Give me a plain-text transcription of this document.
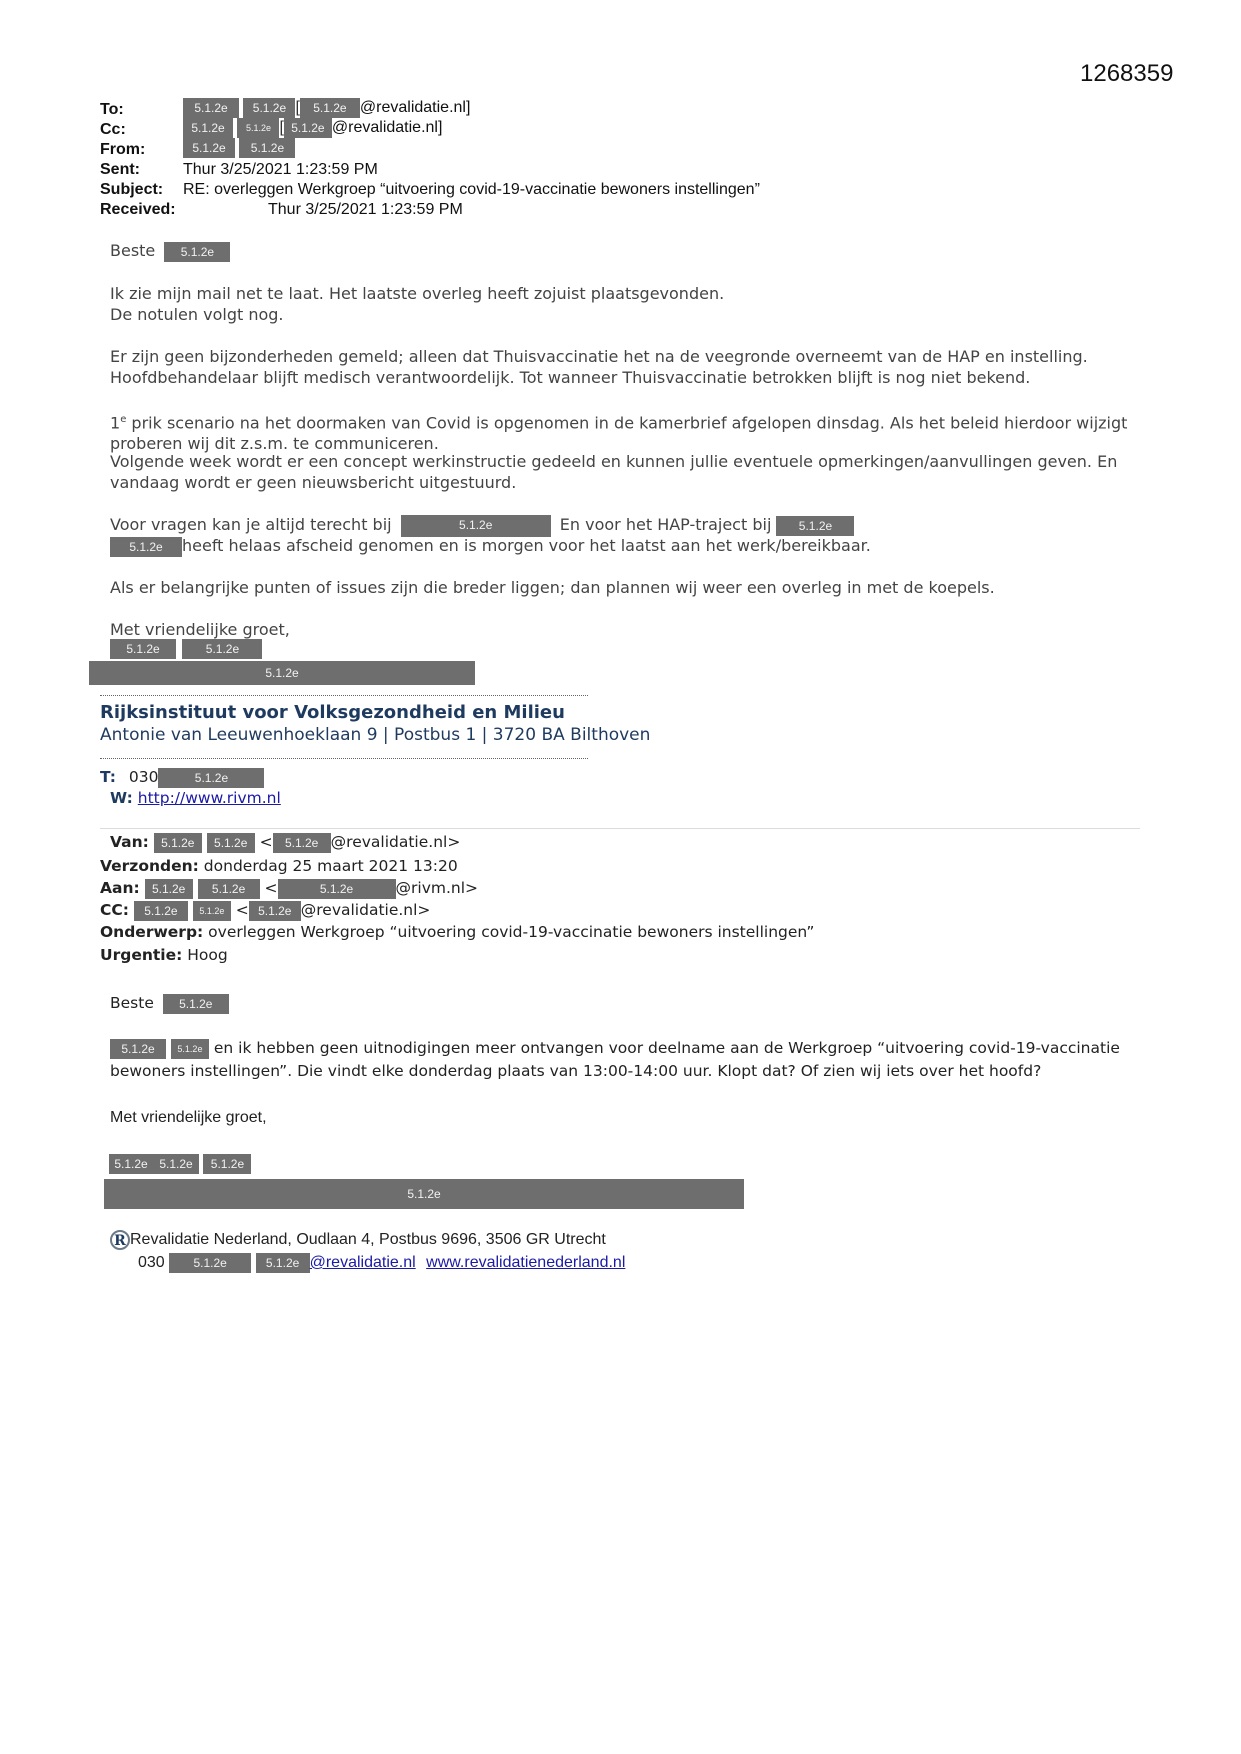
1268359
To:	5.1.2e 5.1.2e [ 5.1.2e @revalidatie.nl]
Cc:	5.1.2e 5.1.2e [ 5.1.2e @revalidatie.nl]
From:	5.1.2e 5.1.2e
Sent:	Thur 3/25/2021 1:23:59 PM
Subject: RE: overleggen Werkgroep “uitvoering covid-19-vaccinatie bewoners instellingen”
Received:	Thur 3/25/2021 1:23:59 PM
Beste 5.1.2e
Ik zie mijn mail net te laat. Het laatste overleg heeft zojuist plaatsgevonden.
De notulen volgt nog.
Er zijn geen bijzonderheden gemeld; alleen dat Thuisvaccinatie het na de veegronde overneemt van de HAP en instelling. Hoofdbehandelaar blijft medisch verantwoordelijk. Tot wanneer Thuisvaccinatie betrokken blijft is nog niet bekend.
1e prik scenario na het doormaken van Covid is opgenomen in de kamerbrief afgelopen dinsdag. Als het beleid hierdoor wijzigt proberen wij dit z.s.m. te communiceren.
Volgende week wordt er een concept werkinstructie gedeeld en kunnen jullie eventuele opmerkingen/aanvullingen geven. En vandaag wordt er geen nieuwsbericht uitgestuurd.
Voor vragen kan je altijd terecht bij	5.1.2e	En voor het HAP-traject bij 5.1.2e
5.1.2e heeft helaas afscheid genomen en is morgen voor het laatst aan het werk/bereikbaar.
Als er belangrijke punten of issues zijn die breder liggen; dan plannen wij weer een overleg in met de koepels.
Met vriendelijke groet,
5.1.2e	5.1.2e
5.1.2e
Rijksinstituut voor Volksgezondheid en Milieu
Antonie van Leeuwenhoeklaan 9 | Postbus 1 | 3720 BA Bilthoven
T: 030	5.1.2e
W: http://www.rivm.nl
Van: 5.1.2e 5.1.2e < 5.1.2e @revalidatie.nl>
Verzonden: donderdag 25 maart 2021 13:20
Aan: 5.1.2e 5.1.2e <	5.1.2e	@rivm.nl>
CC: 5.1.2e 5.1.2e < 5.1.2e @revalidatie.nl>
Onderwerp: overleggen Werkgroep “uitvoering covid-19-vaccinatie bewoners instellingen”
Urgentie: Hoog
Beste 5.1.2e
5.1.2e	5.1.2e en ik hebben geen uitnodigingen meer ontvangen voor deelname aan de Werkgroep “uitvoering covid-19-vaccinatie
bewoners instellingen”. Die vindt elke donderdag plaats van 13:00-14:00 uur. Klopt dat? Of zien wij iets over het hoofd?
Met vriendelijke groet,
5.1.2e 5.1.2e 5.1.2e
5.1.2e
R Revalidatie Nederland, Oudlaan 4, Postbus 9696, 3506 GR Utrecht
030 5.1.2e	5.1.2e @revalidatie.nl www.revalidatienederland.nl
